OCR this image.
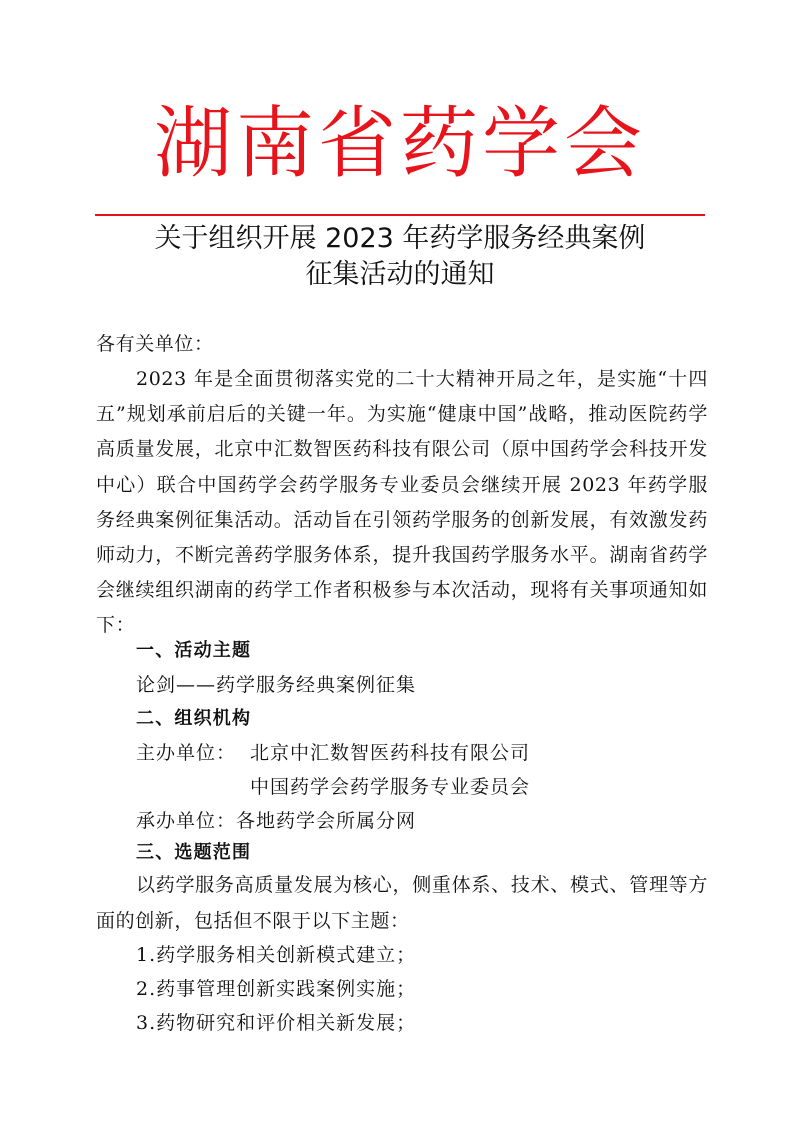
湖南省药学会
关于组织开展 2023 年药学服务经典案例
征集活动的通知
各有关单位：
2023 年是全面贯彻落实党的二十大精神开局之年，是实施“十四五”规划承前启后的关键一年。为实施“健康中国”战略，推动医院药学高质量发展，北京中汇数智医药科技有限公司（原中国药学会科技开发中心）联合中国药学会药学服务专业委员会继续开展 2023 年药学服务经典案例征集活动。活动旨在引领药学服务的创新发展，有效激发药师动力，不断完善药学服务体系，提升我国药学服务水平。湖南省药学会继续组织湖南的药学工作者积极参与本次活动，现将有关事项通知如下：
一、活动主题
论剑——药学服务经典案例征集
二、组织机构
主办单位： 北京中汇数智医药科技有限公司
中国药学会药学服务专业委员会
承办单位：各地药学会所属分网
三、选题范围
以药学服务高质量发展为核心，侧重体系、技术、模式、管理等方面的创新，包括但不限于以下主题：
1.药学服务相关创新模式建立；
2.药事管理创新实践案例实施；
3.药物研究和评价相关新发展；
